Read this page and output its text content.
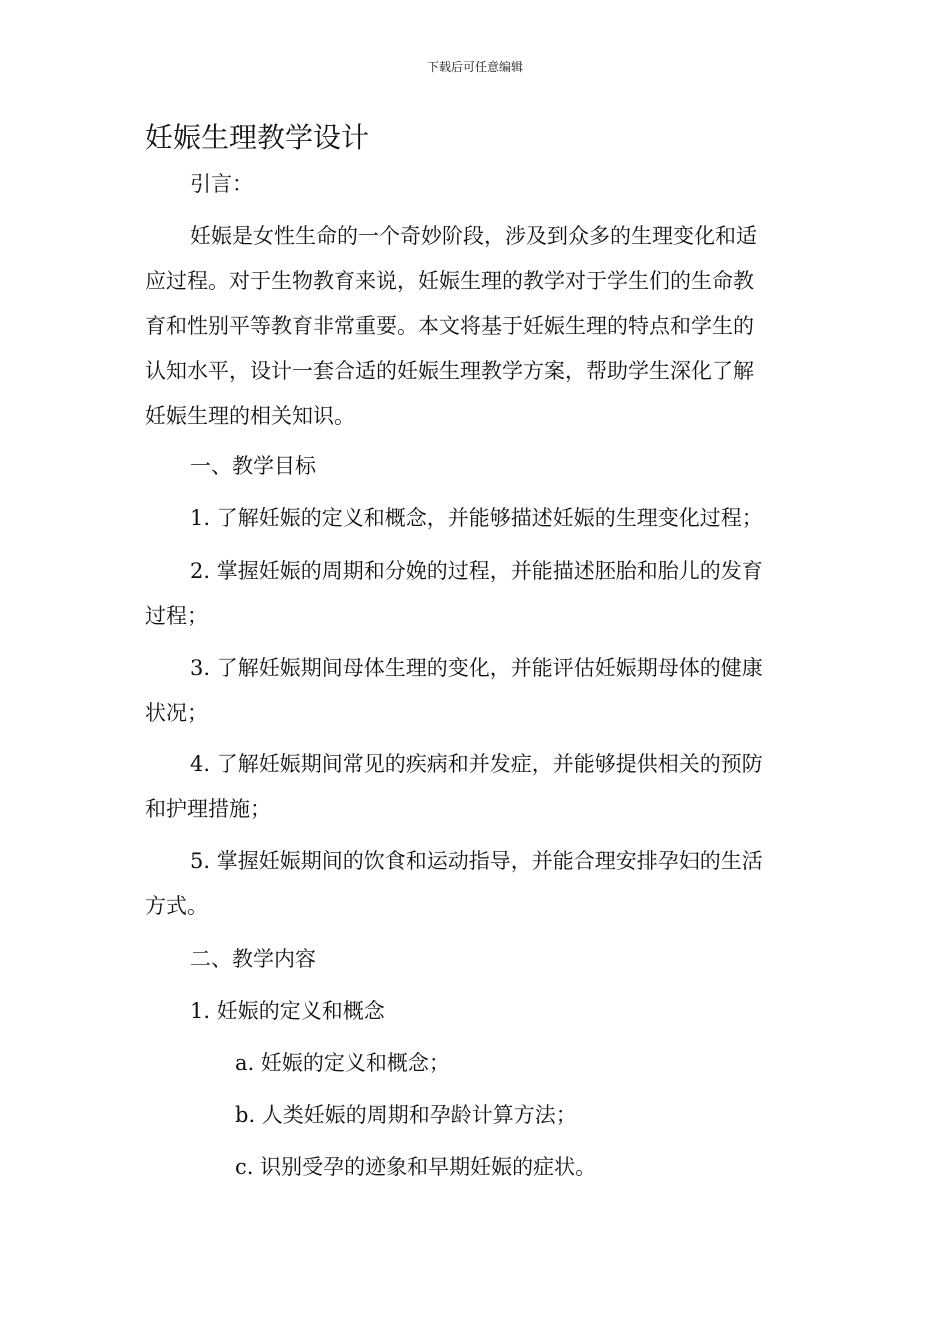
下载后可任意编辑
妊娠生理教学设计
引言：
妊娠是女性生命的一个奇妙阶段，涉及到众多的生理变化和适
应过程。对于生物教育来说，妊娠生理的教学对于学生们的生命教
育和性别平等教育非常重要。本文将基于妊娠生理的特点和学生的
认知水平，设计一套合适的妊娠生理教学方案，帮助学生深化了解
妊娠生理的相关知识。
一、教学目标
1. 了解妊娠的定义和概念，并能够描述妊娠的生理变化过程；
2. 掌握妊娠的周期和分娩的过程，并能描述胚胎和胎儿的发育
过程；
3. 了解妊娠期间母体生理的变化，并能评估妊娠期母体的健康
状况；
4. 了解妊娠期间常见的疾病和并发症，并能够提供相关的预防
和护理措施；
5. 掌握妊娠期间的饮食和运动指导，并能合理安排孕妇的生活
方式。
二、教学内容
1. 妊娠的定义和概念
a. 妊娠的定义和概念；
b. 人类妊娠的周期和孕龄计算方法；
c. 识别受孕的迹象和早期妊娠的症状。
